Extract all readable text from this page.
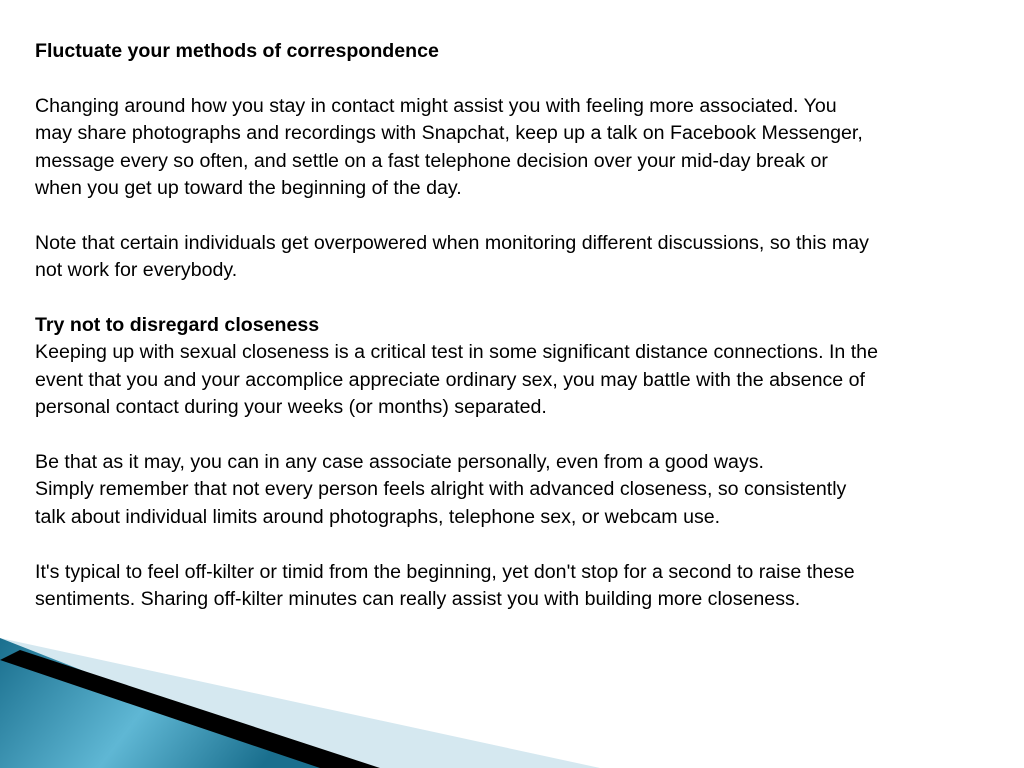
Fluctuate your methods of correspondence
Changing around how you stay in contact might assist you with feeling more associated. You
may share photographs and recordings with Snapchat, keep up a talk on Facebook Messenger,
message every so often, and settle on a fast telephone decision over your mid-day break or
when you get up toward the beginning of the day.
Note that certain individuals get overpowered when monitoring different discussions, so this may
not work for everybody.
Try not to disregard closeness
Keeping up with sexual closeness is a critical test in some significant distance connections. In the
event that you and your accomplice appreciate ordinary sex, you may battle with the absence of
personal contact during your weeks (or months) separated.
Be that as it may, you can in any case associate personally, even from a good ways.
Simply remember that not every person feels alright with advanced closeness, so consistently
talk about individual limits around photographs, telephone sex, or webcam use.
It's typical to feel off-kilter or timid from the beginning, yet don't stop for a second to raise these
sentiments. Sharing off-kilter minutes can really assist you with building more closeness.
